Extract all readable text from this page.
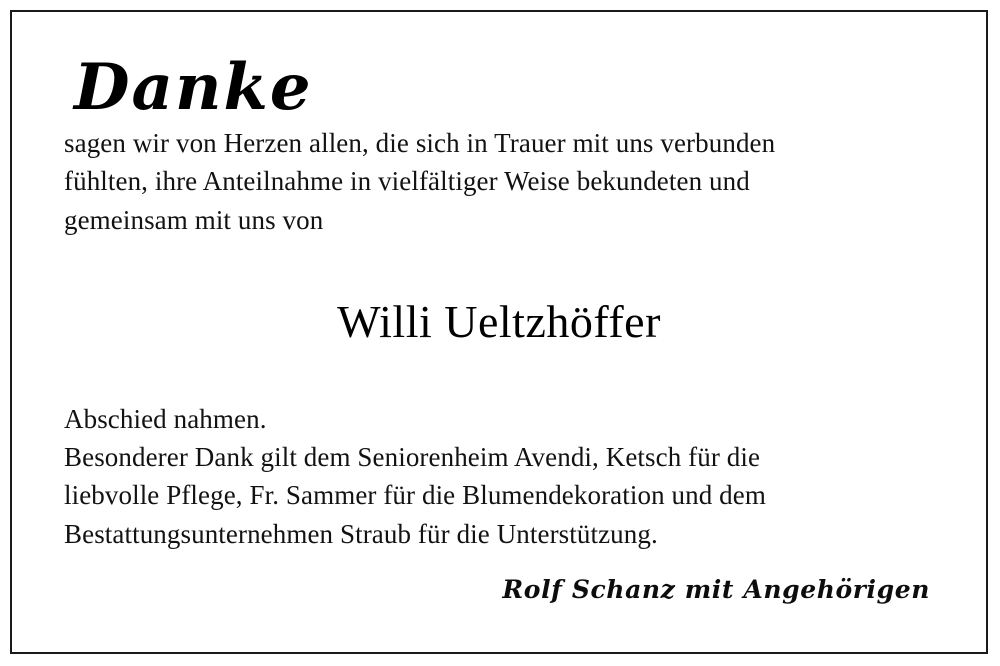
Danke
sagen wir von Herzen allen, die sich in Trauer mit uns verbunden
fühlten, ihre Anteilnahme in vielfältiger Weise bekundeten und
gemeinsam mit uns von
Willi Ueltzhöffer
Abschied nahmen.
Besonderer Dank gilt dem Seniorenheim Avendi, Ketsch für die
liebvolle Pflege, Fr. Sammer für die Blumendekoration und dem
Bestattungsunternehmen Straub für die Unterstützung.
Rolf Schanz mit Angehörigen
